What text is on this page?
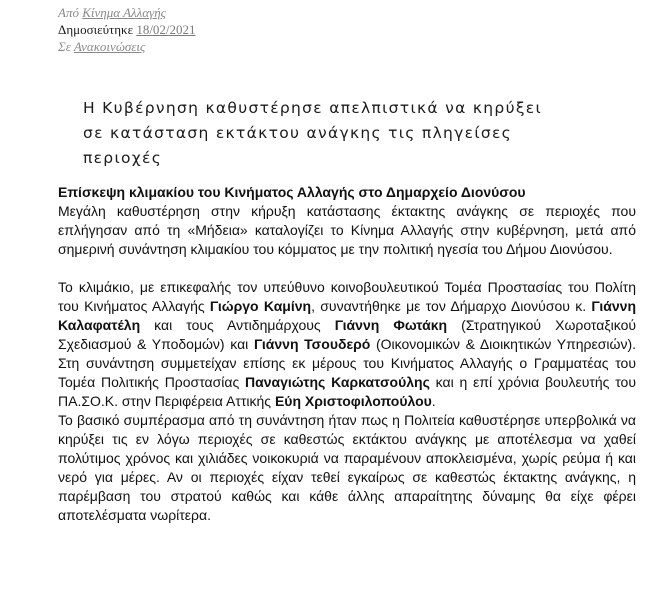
Από Κίνημα Αλλαγής
Δημοσιεύτηκε 18/02/2021
Σε Ανακοινώσεις
Η Κυβέρνηση καθυστέρησε απελπιστικά να κηρύξει
σε κατάσταση εκτάκτου ανάγκης τις πληγείσες
περιοχές

Επίσκεψη κλιμακίου του Κινήματος Αλλαγής στο Δημαρχείο Διονύσου

Μεγάλη καθυστέρηση στην κήρυξη κατάστασης έκτακτης ανάγκης σε περιοχές που επλήγησαν από τη «Μήδεια» καταλογίζει το Κίνημα Αλλαγής στην κυβέρνηση, μετά από σημερινή συνάντηση κλιμακίου του κόμματος με την πολιτική ηγεσία του Δήμου Διονύσου.

Το κλιμάκιο, με επικεφαλής τον υπεύθυνο κοινοβουλευτικού Τομέα Προστασίας του Πολίτη του Κινήματος Αλλαγής Γιώργο Καμίνη, συναντήθηκε με τον Δήμαρχο Διονύσου κ. Γιάννη Καλαφατέλη και τους Αντιδημάρχους Γιάννη Φωτάκη (Στρατηγικού Χωροταξικού Σχεδιασμού & Υποδομών) και Γιάννη Τσουδερό (Οικονομικών & Διοικητικών Υπηρεσιών). Στη συνάντηση συμμετείχαν επίσης εκ μέρους του Κινήματος Αλλαγής ο Γραμματέας του Τομέα Πολιτικής Προστασίας Παναγιώτης Καρκατσούλης και η επί χρόνια βουλευτής του ΠΑ.ΣΟ.Κ. στην Περιφέρεια Αττικής Εύη Χριστοφιλοπούλου.

Το βασικό συμπέρασμα από τη συνάντηση ήταν πως η Πολιτεία καθυστέρησε υπερβολικά να κηρύξει τις εν λόγω περιοχές σε καθεστώς εκτάκτου ανάγκης με αποτέλεσμα να χαθεί πολύτιμος χρόνος και χιλιάδες νοικοκυριά να παραμένουν αποκλεισμένα, χωρίς ρεύμα ή και νερό για μέρες. Αν οι περιοχές είχαν τεθεί εγκαίρως σε καθεστώς έκτακτης ανάγκης, η παρέμβαση του στρατού καθώς και κάθε άλλης απαραίτητης δύναμης θα είχε φέρει αποτελέσματα νωρίτερα.
